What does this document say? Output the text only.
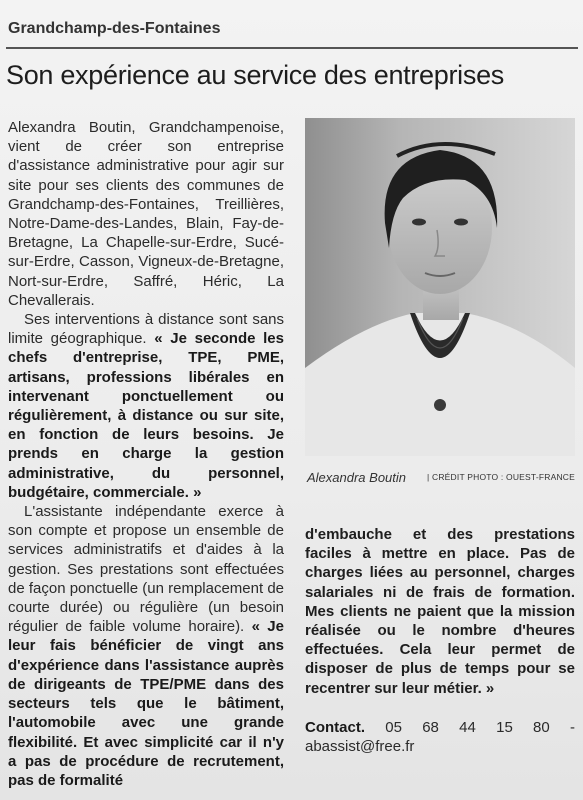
Grandchamp-des-Fontaines
Son expérience au service des entreprises

Alexandra Boutin, Grandchampenoise, vient de créer son entreprise d'assistance administrative pour agir sur site pour ses clients des communes de Grandchamp-des-Fontaines, Treillières, Notre-Dame-des-Landes, Blain, Fay-de-Bretagne, La Chapelle-sur-Erdre, Sucé-sur-Erdre, Casson, Vigneux-de-Bretagne, Nort-sur-Erdre, Saffré, Héric, La Chevallerais.

Ses interventions à distance sont sans limite géographique. « Je seconde les chefs d'entreprise, TPE, PME, artisans, professions libérales en intervenant ponctuellement ou régulièrement, à distance ou sur site, en fonction de leurs besoins. Je prends en charge la gestion administrative, du personnel, budgétaire, commerciale. »

L'assistante indépendante exerce à son compte et propose un ensemble de services administratifs et d'aides à la gestion. Ses prestations sont effectuées de façon ponctuelle (un remplacement de courte durée) ou régulière (un besoin régulier de faible volume horaire). « Je leur fais bénéficier de vingt ans d'expérience dans l'assistance auprès de dirigeants de TPE/PME dans des secteurs tels que le bâtiment, l'automobile avec une grande flexibilité. Et avec simplicité car il n'y a pas de procédure de recrutement, pas de formalité

Alexandra Boutin | CRÉDIT PHOTO : OUEST-FRANCE

d'embauche et des prestations faciles à mettre en place. Pas de charges liées au personnel, charges salariales ni de frais de formation. Mes clients ne paient que la mission réalisée ou le nombre d'heures effectuées. Cela leur permet de disposer de plus de temps pour se recentrer sur leur métier. »

Contact. 05 68 44 15 80 - abassist@free.fr
